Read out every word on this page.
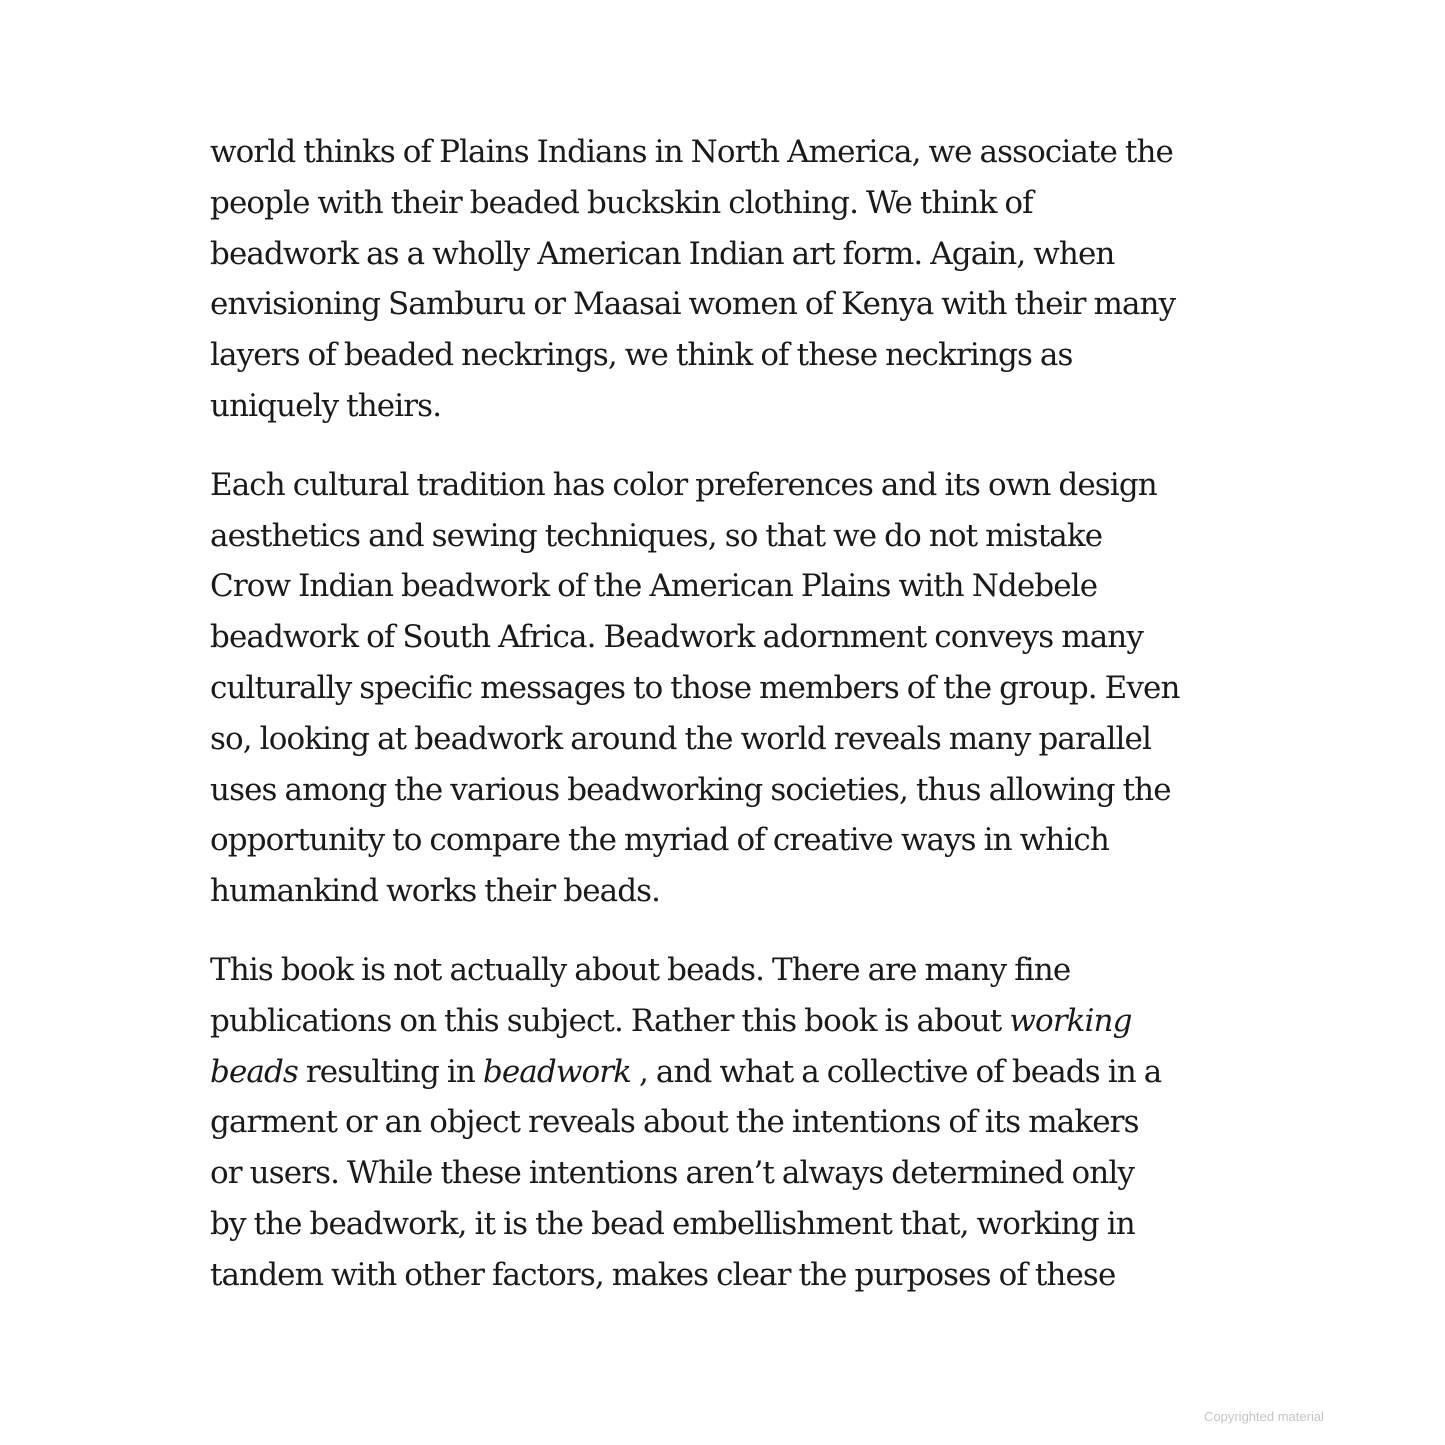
world thinks of Plains Indians in North America, we associate the
people with their beaded buckskin clothing. We think of
beadwork as a wholly American Indian art form. Again, when
envisioning Samburu or Maasai women of Kenya with their many
layers of beaded neckrings, we think of these neckrings as
uniquely theirs.
Each cultural tradition has color preferences and its own design
aesthetics and sewing techniques, so that we do not mistake
Crow Indian beadwork of the American Plains with Ndebele
beadwork of South Africa. Beadwork adornment conveys many
culturally specific messages to those members of the group. Even
so, looking at beadwork around the world reveals many parallel
uses among the various beadworking societies, thus allowing the
opportunity to compare the myriad of creative ways in which
humankind works their beads.
This book is not actually about beads. There are many fine
publications on this subject. Rather this book is about working
beads resulting in beadwork , and what a collective of beads in a
garment or an object reveals about the intentions of its makers
or users. While these intentions aren’t always determined only
by the beadwork, it is the bead embellishment that, working in
tandem with other factors, makes clear the purposes of these
Copyrighted material
